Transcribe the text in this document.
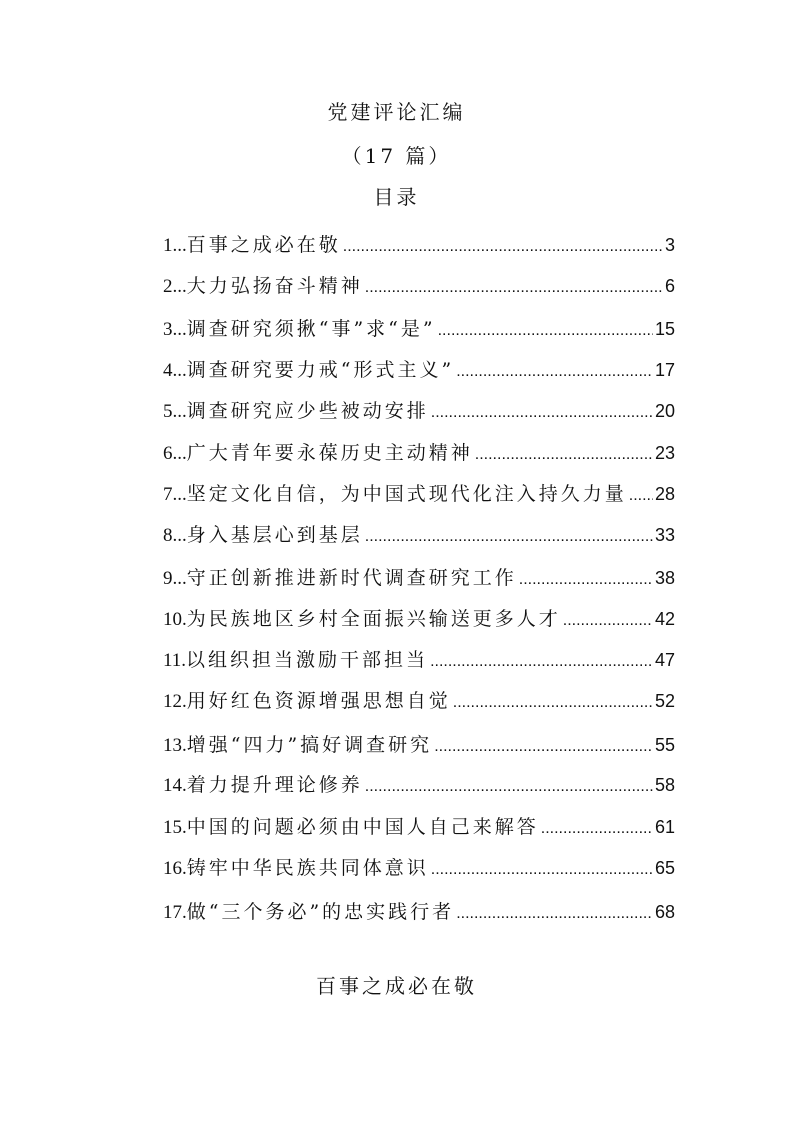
党建评论汇编
（17 篇）
目录
1... 百事之成必在敬 .....	3
2... 大力弘扬奋斗精神 .....	6
3... 调查研究须揪“事”求“是” .....	15
4... 调查研究要力戒“形式主义” .....	17
5... 调查研究应少些被动安排 .....	20
6... 广大青年要永葆历史主动精神 .....	23
7... 坚定文化自信，为中国式现代化注入持久力量 ..... 28
8... 身入基层心到基层 .....	33
9... 守正创新推进新时代调查研究工作 .....	38
10. 为民族地区乡村全面振兴输送更多人才 .....	42
11. 以组织担当激励干部担当 .....	47
12. 用好红色资源增强思想自觉 .....	52
13. 增强“四力”搞好调查研究 .....	55
14. 着力提升理论修养 .....	58
15. 中国的问题必须由中国人自己来解答 .....	61
16. 铸牢中华民族共同体意识 .....	65
17. 做“三个务必”的忠实践行者 .....	68
百事之成必在敬
